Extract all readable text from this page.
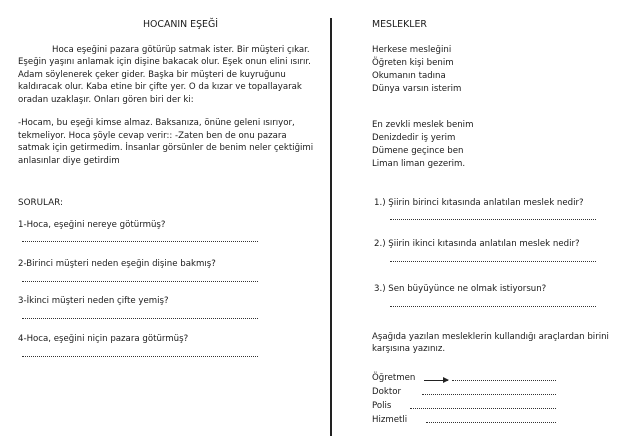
HOCANIN EŞEĞİ

Hoca eşeğini pazara götürüp satmak ister. Bir müşteri çıkar. Eşeğin yaşını anlamak için dişine bakacak olur. Eşek onun elini ısırır. Adam söylenerek çeker gider. Başka bir müşteri de kuyruğunu kaldıracak olur. Kaba etine bir çifte yer. O da kızar ve topallayarak oradan uzaklaşır. Onları gören biri der ki:

-Hocam, bu eşeği kimse almaz. Baksanıza, önüne geleni ısırıyor, tekmeliyor. Hoca şöyle cevap verir:: -Zaten ben de onu pazara satmak için getirmedim. İnsanlar görsünler de benim neler çektiğimi anlasınlar diye getirdim

SORULAR:
1-Hoca, eşeğini nereye götürmüş?
2-Birinci müşteri neden eşeğin dişine bakmış?
3-İkinci müşteri neden çifte yemiş?
4-Hoca, eşeğini niçin pazara götürmüş?
MESLEKLER
Herkese mesleğini
Öğreten kişi benim
Okumanın tadına
Dünya varsın isterim
En zevkli meslek benim
Denizdedir iş yerim
Dümene geçince ben
Liman liman gezerim.
1.) Şiirin birinci kıtasında anlatılan meslek nedir?
2.) Şiirin ikinci kıtasında anlatılan meslek nedir?
3.) Sen büyüyünce ne olmak istiyorsun?
Aşağıda yazılan mesleklerin kullandığı araçlardan birini karşısına yazınız.
Öğretmen
Doktor
Polis
Hizmetli
